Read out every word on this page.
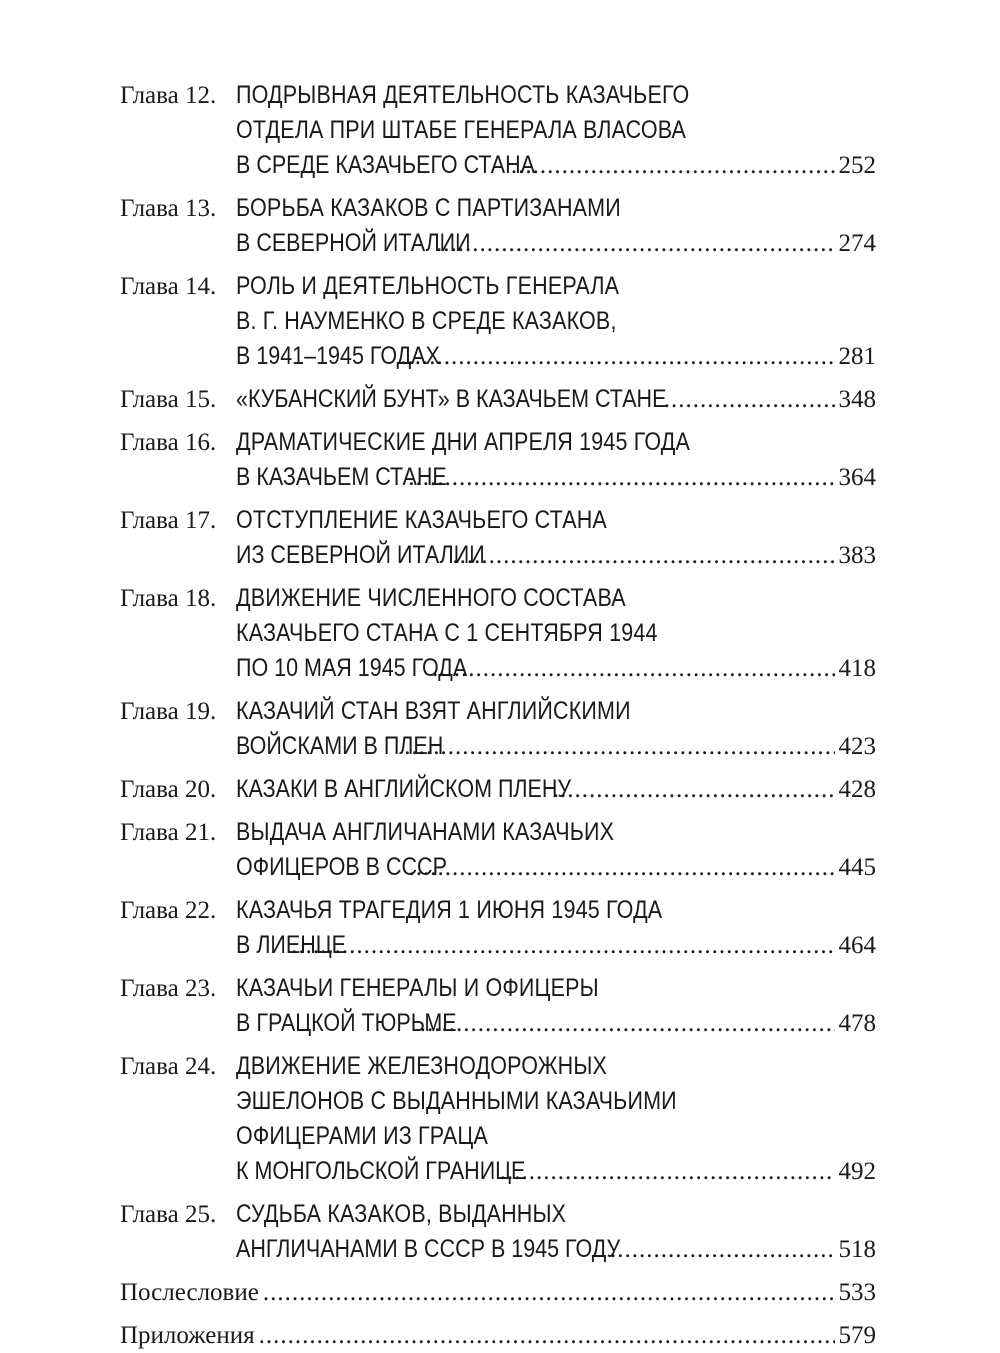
Глава 12. ПОДРЫВНАЯ ДЕЯТЕЛЬНОСТЬ КАЗАЧЬЕГО
ОТДЕЛА ПРИ ШТАБЕ ГЕНЕРАЛА ВЛАСОВА
В СРЕДЕ КАЗАЧЬЕГО СТАНА .....	252
Глава 13. БОРЬБА КАЗАКОВ С ПАРТИЗАНАМИ
В СЕВЕРНОЙ ИТАЛИИ .....	274
Глава 14. РОЛЬ И ДЕЯТЕЛЬНОСТЬ ГЕНЕРАЛА
В. Г. НАУМЕНКО В СРЕДЕ КАЗАКОВ,
В 1941–1945 ГОДАХ .....	281
Глава 15. «КУБАНСКИЙ БУНТ» В КАЗАЧЬЕМ СТАНЕ .....	348
Глава 16. ДРАМАТИЧЕСКИЕ ДНИ АПРЕЛЯ 1945 ГОДА
В КАЗАЧЬЕМ СТАНЕ .....	364
Глава 17. ОТСТУПЛЕНИЕ КАЗАЧЬЕГО СТАНА
ИЗ СЕВЕРНОЙ ИТАЛИИ .....	383
Глава 18. ДВИЖЕНИЕ ЧИСЛЕННОГО СОСТАВА
КАЗАЧЬЕГО СТАНА С 1 СЕНТЯБРЯ 1944
ПО 10 МАЯ 1945 ГОДА .....	418
Глава 19. КАЗАЧИЙ СТАН ВЗЯТ АНГЛИЙСКИМИ
ВОЙСКАМИ В ПЛЕН .....	423
Глава 20. КАЗАКИ В АНГЛИЙСКОМ ПЛЕНУ .....	428
Глава 21. ВЫДАЧА АНГЛИЧАНАМИ КАЗАЧЬИХ
ОФИЦЕРОВ В СССР .....	445
Глава 22. КАЗАЧЬЯ ТРАГЕДИЯ 1 ИЮНЯ 1945 ГОДА
В ЛИЕНЦЕ .....	464
Глава 23. КАЗАЧЬИ ГЕНЕРАЛЫ И ОФИЦЕРЫ
В ГРАЦКОЙ ТЮРЬМЕ .....	478
Глава 24. ДВИЖЕНИЕ ЖЕЛЕЗНОДОРОЖНЫХ
ЭШЕЛОНОВ С ВЫДАННЫМИ КАЗАЧЬИМИ
ОФИЦЕРАМИ ИЗ ГРАЦА
К МОНГОЛЬСКОЙ ГРАНИЦЕ .....	492
Глава 25. СУДЬБА КАЗАКОВ, ВЫДАННЫХ
АНГЛИЧАНАМИ В СССР В 1945 ГОДУ .....	518
Послесловие .....	533
Приложения .....	579
